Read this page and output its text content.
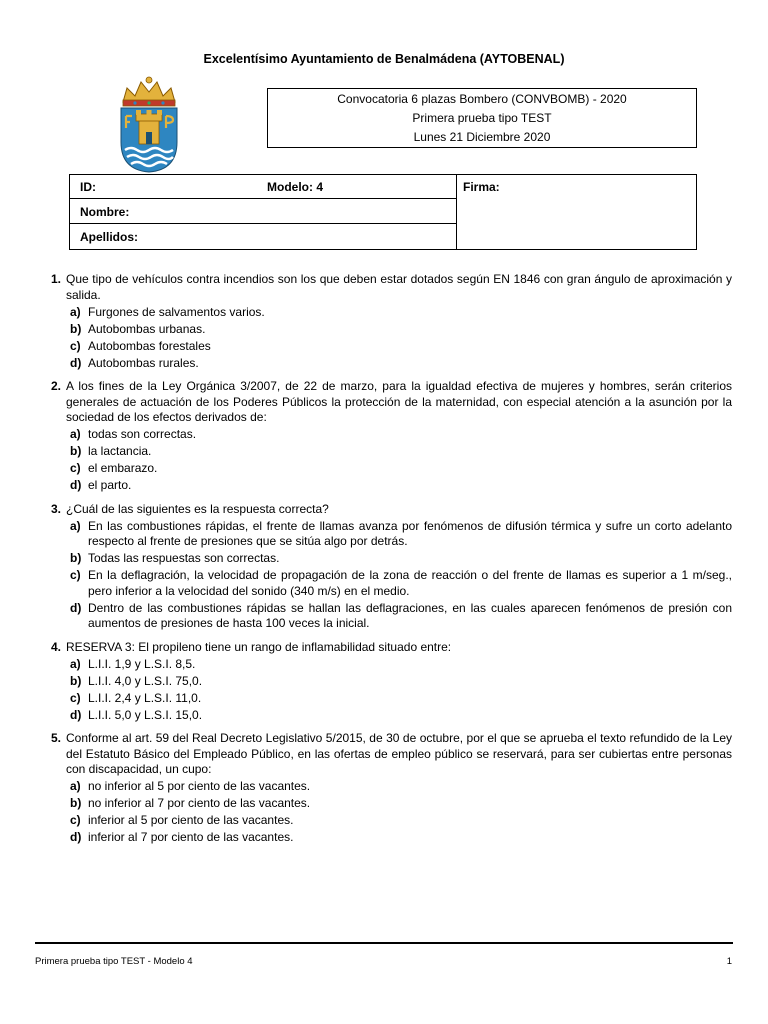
Excelentísimo Ayuntamiento de Benalmádena (AYTOBENAL)
Convocatoria 6 plazas Bombero (CONVBOMB) - 2020
Primera prueba tipo TEST
Lunes 21 Diciembre 2020
ID:	Modelo: 4
Nombre:
Apellidos:
Firma:
1. Que tipo de vehículos contra incendios son los que deben estar dotados según EN 1846 con gran ángulo de aproximación y salida.
a) Furgones de salvamentos varios.
b) Autobombas urbanas.
c) Autobombas forestales
d) Autobombas rurales.
2. A los fines de la Ley Orgánica 3/2007, de 22 de marzo, para la igualdad efectiva de mujeres y hombres, serán criterios generales de actuación de los Poderes Públicos la protección de la maternidad, con especial atención a la asunción por la sociedad de los efectos derivados de:
a) todas son correctas.
b) la lactancia.
c) el embarazo.
d) el parto.
3. ¿Cuál de las siguientes es la respuesta correcta?
a) En las combustiones rápidas, el frente de llamas avanza por fenómenos de difusión térmica y sufre un corto adelanto respecto al frente de presiones que se sitúa algo por detrás.
b) Todas las respuestas son correctas.
c) En la deflagración, la velocidad de propagación de la zona de reacción o del frente de llamas es superior a 1 m/seg., pero inferior a la velocidad del sonido (340 m/s) en el medio.
d) Dentro de las combustiones rápidas se hallan las deflagraciones, en las cuales aparecen fenómenos de presión con aumentos de presiones de hasta 100 veces la inicial.
4. RESERVA 3: El propileno tiene un rango de inflamabilidad situado entre:
a) L.I.I. 1,9 y L.S.I. 8,5.
b) L.I.I. 4,0 y L.S.I. 75,0.
c) L.I.I. 2,4 y L.S.I. 11,0.
d) L.I.I. 5,0 y L.S.I. 15,0.
5. Conforme al art. 59 del Real Decreto Legislativo 5/2015, de 30 de octubre, por el que se aprueba el texto refundido de la Ley del Estatuto Básico del Empleado Público, en las ofertas de empleo público se reservará, para ser cubiertas entre personas con discapacidad, un cupo:
a) no inferior al 5 por ciento de las vacantes.
b) no inferior al 7 por ciento de las vacantes.
c) inferior al 5 por ciento de las vacantes.
d) inferior al 7 por ciento de las vacantes.
Primera prueba tipo TEST - Modelo 4	1
